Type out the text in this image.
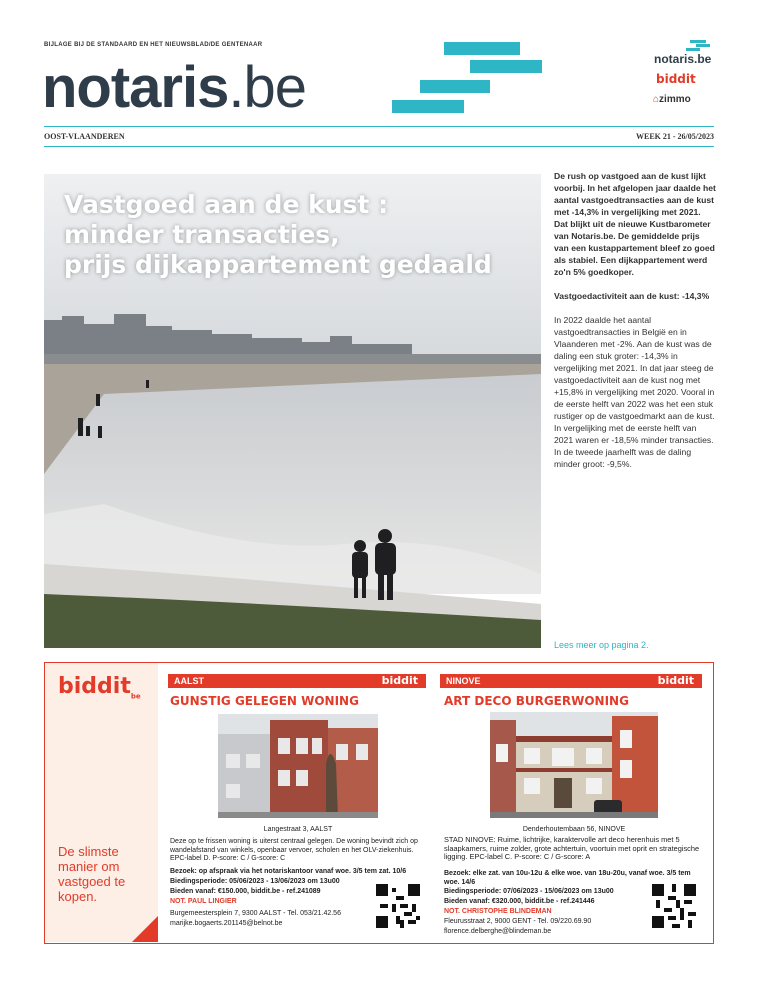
BIJLAGE BIJ DE STANDAARD EN HET NIEUWSBLAD/DE GENTENAAR
notaris.be	notaris.be
biddit
⌂zimmo
OOST-VLAANDEREN	WEEK 21 - 26/05/2023
Vastgoed aan de kust :
minder transacties,
prijs dijkappartement gedaald
De rush op vastgoed aan de kust lijkt voorbij. In het afgelopen jaar daalde het aantal vastgoedtransacties aan de kust met -14,3% in vergelijking met 2021. Dat blijkt uit de nieuwe Kustbarometer van Notaris.be. De gemiddelde prijs van een kustappartement bleef zo goed als stabiel. Een dijkappartement werd zo'n 5% goedkoper.
Vastgoedactiviteit aan de kust: -14,3%
In 2022 daalde het aantal vastgoedtransacties in België en in Vlaanderen met -2%. Aan de kust was de daling een stuk groter: -14,3% in vergelijking met 2021. In dat jaar steeg de vastgoedactiviteit aan de kust nog met +15,8% in vergelijking met 2020. Vooral in de eerste helft van 2022 was het een stuk rustiger op de vastgoedmarkt aan de kust. In vergelijking met de eerste helft van 2021 waren er -18,5% minder transacties. In de tweede jaarhelft was de daling minder groot: -9,5%.
Lees meer op pagina 2.
biddit$_{be}$
De slimste manier om vastgoed te kopen.
AALST	biddit
GUNSTIG GELEGEN WONING
Langestraat 3, AALST
Deze op te frissen woning is uiterst centraal gelegen. De woning bevindt zich op wandelafstand van winkels, openbaar vervoer, scholen en het OLV-ziekenhuis. EPC-label D. P-score: C / G-score: C
Bezoek: op afspraak via het notariskantoor vanaf woe. 3/5 tem zat. 10/6
Biedingsperiode: 05/06/2023 - 13/06/2023 om 13u00
Bieden vanaf: €150.000, biddit.be - ref.241089
NOT. PAUL LINGIER
Burgemeestersplein 7, 9300 AALST - Tel. 053/21.42.56
marijke.bogaerts.201145@belnot.be
NINOVE	biddit
ART DECO BURGERWONING
Denderhoutembaan 56, NINOVE
STAD NINOVE: Ruime, lichtrijke, karaktervolle art deco herenhuis met 5 slaapkamers, ruime zolder, grote achtertuin, voortuin met oprit en strategische ligging. EPC-label C. P-score: C / G-score: A
Bezoek: elke zat. van 10u-12u & elke woe. van 18u-20u, vanaf woe. 3/5 tem woe. 14/6
Biedingsperiode: 07/06/2023 - 15/06/2023 om 13u00
Bieden vanaf: €320.000, biddit.be - ref.241446
NOT. CHRISTOPHE BLINDEMAN
Fleurusstraat 2, 9000 GENT - Tel. 09/220.69.90
florence.delberghe@blindeman.be
